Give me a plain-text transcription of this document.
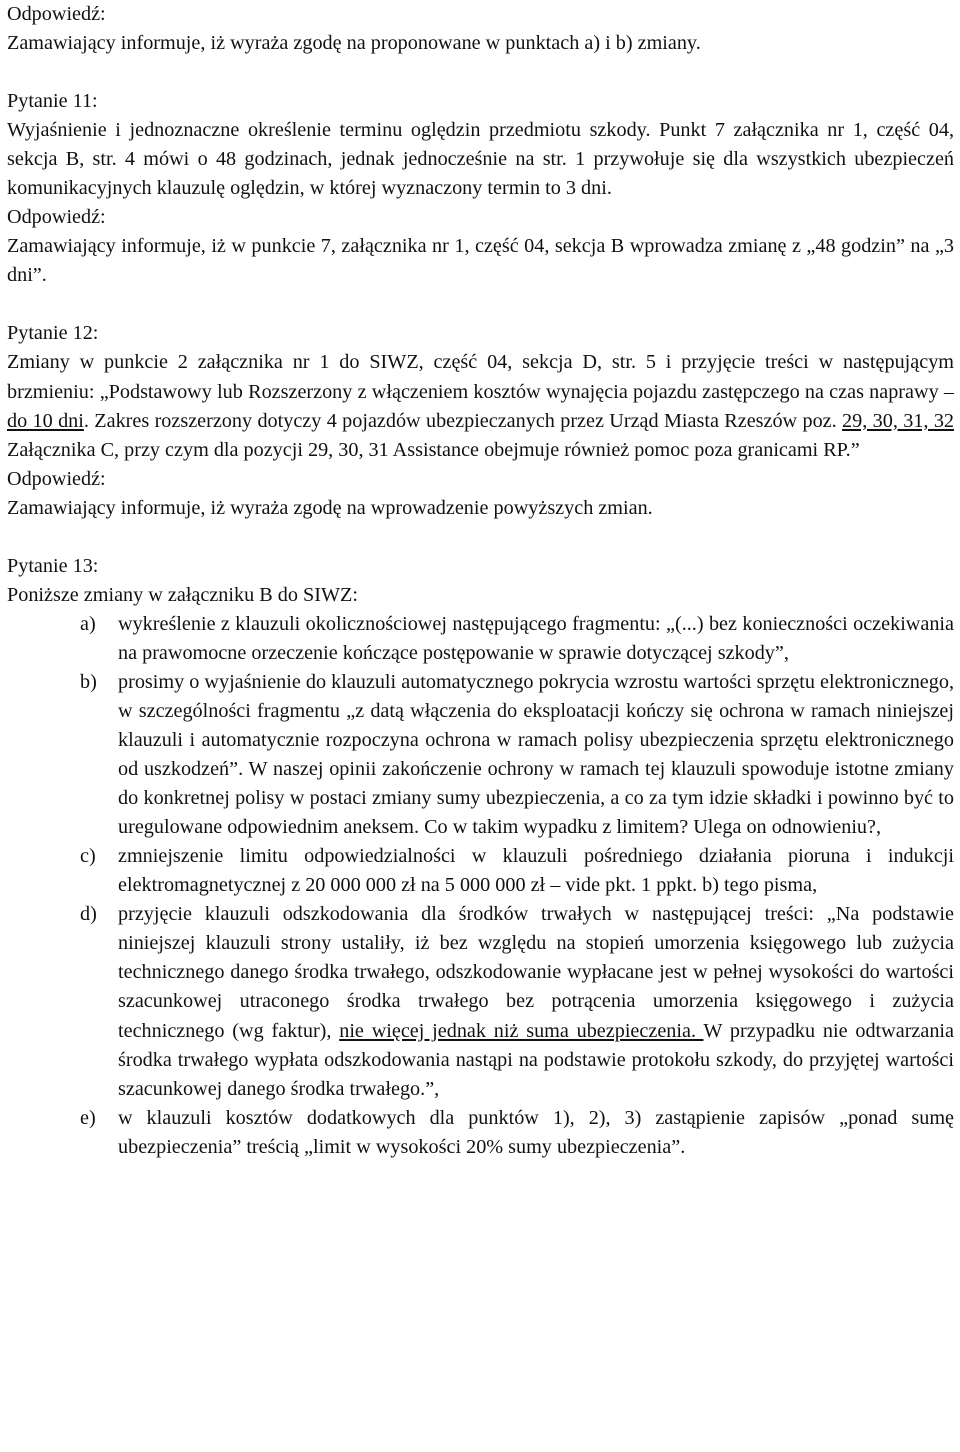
Odpowiedź:

Zamawiający informuje, iż wyraża zgodę na proponowane w punktach a) i b) zmiany.

Pytanie 11:

Wyjaśnienie i jednoznaczne określenie terminu oględzin przedmiotu szkody. Punkt 7 załącznika nr 1, część 04, sekcja B, str. 4 mówi o 48 godzinach, jednak jednocześnie na str. 1 przywołuje się dla wszystkich ubezpieczeń komunikacyjnych klauzulę oględzin, w której wyznaczony termin to 3 dni.

Odpowiedź:

Zamawiający informuje, iż w punkcie 7, załącznika nr 1, część 04, sekcja B wprowadza zmianę z „48 godzin” na „3 dni”.

Pytanie 12:

Zmiany w punkcie 2 załącznika nr 1 do SIWZ, część 04, sekcja D, str. 5 i przyjęcie treści w następującym brzmieniu: „Podstawowy lub Rozszerzony z włączeniem kosztów wynajęcia pojazdu zastępczego na czas naprawy – do 10 dni. Zakres rozszerzony dotyczy 4 pojazdów ubezpieczanych przez Urząd Miasta Rzeszów poz. 29, 30, 31, 32 Załącznika C, przy czym dla pozycji 29, 30, 31 Assistance obejmuje również pomoc poza granicami RP.”

Odpowiedź:

Zamawiający informuje, iż wyraża zgodę na wprowadzenie powyższych zmian.

Pytanie 13:

Poniższe zmiany w załączniku B do SIWZ:

a) wykreślenie z klauzuli okolicznościowej następującego fragmentu: „(...) bez konieczności oczekiwania na prawomocne orzeczenie kończące postępowanie w sprawie dotyczącej szkody”,
b) prosimy o wyjaśnienie do klauzuli automatycznego pokrycia wzrostu wartości sprzętu elektronicznego, w szczególności fragmentu „z datą włączenia do eksploatacji kończy się ochrona w ramach niniejszej klauzuli i automatycznie rozpoczyna ochrona w ramach polisy ubezpieczenia sprzętu elektronicznego od uszkodzeń”. W naszej opinii zakończenie ochrony w ramach tej klauzuli spowoduje istotne zmiany do konkretnej polisy w postaci zmiany sumy ubezpieczenia, a co za tym idzie składki i powinno być to uregulowane odpowiednim aneksem. Co w takim wypadku z limitem? Ulega on odnowieniu?,
c) zmniejszenie limitu odpowiedzialności w klauzuli pośredniego działania pioruna i indukcji elektromagnetycznej z 20 000 000 zł na 5 000 000 zł – vide pkt. 1 ppkt. b) tego pisma,
d) przyjęcie klauzuli odszkodowania dla środków trwałych w następującej treści: „Na podstawie niniejszej klauzuli strony ustaliły, iż bez względu na stopień umorzenia księgowego lub zużycia technicznego danego środka trwałego, odszkodowanie wypłacane jest w pełnej wysokości do wartości szacunkowej utraconego środka trwałego bez potrącenia umorzenia księgowego i zużycia technicznego (wg faktur), nie więcej jednak niż suma ubezpieczenia. W przypadku nie odtwarzania środka trwałego wypłata odszkodowania nastąpi na podstawie protokołu szkody, do przyjętej wartości szacunkowej danego środka trwałego.”,
e) w klauzuli kosztów dodatkowych dla punktów 1), 2), 3) zastąpienie zapisów „ponad sumę ubezpieczenia” treścią „limit w wysokości 20% sumy ubezpieczenia”.
